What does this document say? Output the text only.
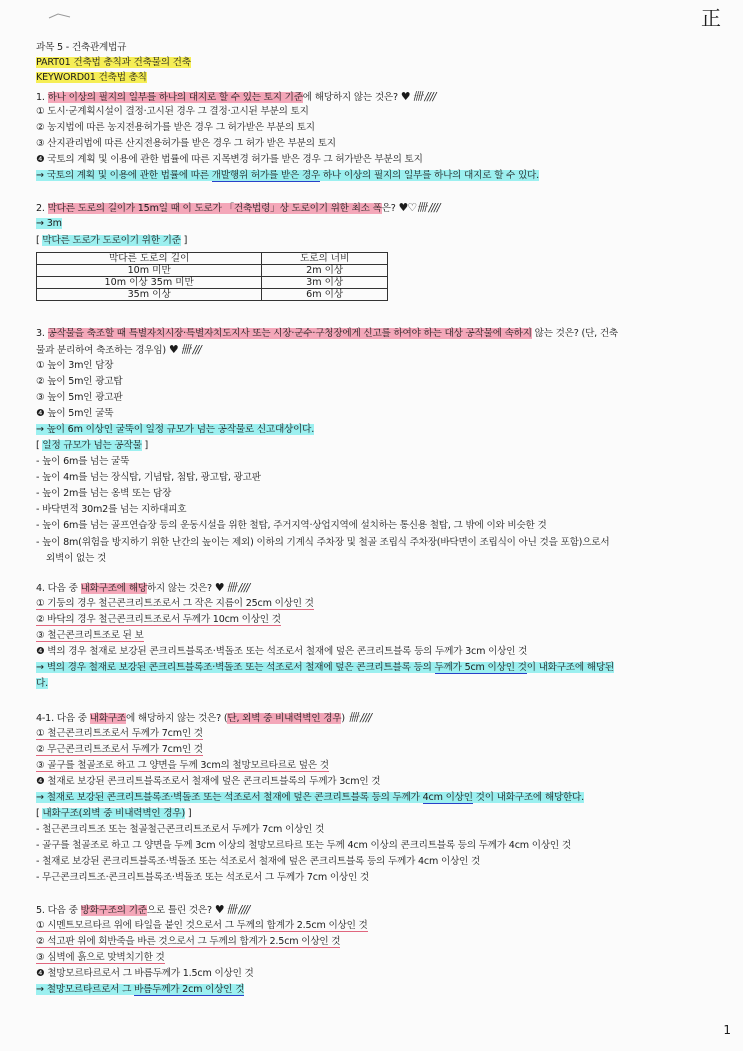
正
과목 5 - 건축관계법규
PART01 건축법 총칙과 건축물의 건축
KEYWORD01 건축법 총칙
1. 하나 이상의 필지의 일부를 하나의 대지로 할 수 있는 토지 기준에 해당하지 않는 것은? ♥ 卌 ////
① 도시·군계획시설이 결정·고시된 경우 그 결정·고시된 부분의 토지
② 농지법에 따른 농지전용허가를 받은 경우 그 허가받은 부분의 토지
③ 산지관리법에 따른 산지전용허가를 받은 경우 그 허가 받은 부분의 토지
❹ 국토의 계획 및 이용에 관한 법률에 따른 지목변경 허가를 받은 경우 그 허가받은 부분의 토지
→ 국토의 계획 및 이용에 관한 법률에 따른 개발행위 허가를 받은 경우 하나 이상의 필지의 일부를 하나의 대지로 할 수 있다.
2. 막다른 도로의 길이가 15m일 때 이 도로가 「건축법령」상 도로이기 위한 최소 폭은? ♥♡卌 ////
→ 3m
[ 막다른 도로가 도로이기 위한 기준 ]
막다른 도로의 길이	도로의 너비
10m 미만	2m 이상
10m 이상 35m 미만	3m 이상
35m 이상	6m 이상
3. 공작물을 축조할 때 특별자치시장·특별자치도지사 또는 시장·군수·구청장에게 신고를 하여야 하는 대상 공작물에 속하지 않는 것은? (단, 건축
물과 분리하여 축조하는 경우임) ♥ 卌 ///
① 높이 3m인 담장
② 높이 5m인 광고탑
③ 높이 5m인 광고판
❹ 높이 5m인 굴뚝
→ 높이 6m 이상인 굴뚝이 일정 규모가 넘는 공작물로 신고대상이다.
[ 일정 규모가 넘는 공작물 ]
- 높이 6m를 넘는 굴뚝
- 높이 4m를 넘는 장식탑, 기념탑, 첨탑, 광고탑, 광고판
- 높이 2m를 넘는 옹벽 또는 담장
- 바닥면적 30m2를 넘는 지하대피호
- 높이 6m를 넘는 골프연습장 등의 운동시설을 위한 철탑, 주거지역·상업지역에 설치하는 통신용 철탑, 그 밖에 이와 비슷한 것
- 높이 8m(위험을 방지하기 위한 난간의 높이는 제외) 이하의 기계식 주차장 및 철골 조립식 주차장(바닥면이 조립식이 아닌 것을 포함)으로서
외벽이 없는 것
4. 다음 중 내화구조에 해당하지 않는 것은? ♥ 卌 ////
① 기둥의 경우 철근콘크리트조로서 그 작은 지름이 25cm 이상인 것
② 바닥의 경우 철근콘크리트조로서 두께가 10cm 이상인 것
③ 철근콘크리트조로 된 보
❹ 벽의 경우 철재로 보강된 콘크리트블록조·벽돌조 또는 석조로서 철재에 덮은 콘크리트블록 등의 두께가 3cm 이상인 것
→ 벽의 경우 철재로 보강된 콘크리트블록조·벽돌조 또는 석조로서 철재에 덮은 콘크리트블록 등의 두께가 5cm 이상인 것이 내화구조에 해당된
다.
4-1. 다음 중 내화구조에 해당하지 않는 것은? (단, 외벽 중 비내력벽인 경우) 卌 ////
① 철근콘크리트조로서 두께가 7cm인 것
② 무근콘크리트조로서 두께가 7cm인 것
③ 골구를 철골조로 하고 그 양면을 두께 3cm의 철망모르타르로 덮은 것
❹ 철재로 보강된 콘크리트블록조로서 철재에 덮은 콘크리트블록의 두께가 3cm인 것
→ 철재로 보강된 콘크리트블록조·벽돌조 또는 석조로서 철재에 덮은 콘크리트블록 등의 두께가 4cm 이상인 것이 내화구조에 해당한다.
[ 내화구조(외벽 중 비내력벽인 경우) ]
- 철근콘크리트조 또는 철골철근콘크리트조로서 두께가 7cm 이상인 것
- 골구를 철골조로 하고 그 양면을 두께 3cm 이상의 철망모르타르 또는 두께 4cm 이상의 콘크리트블록 등의 두께가 4cm 이상인 것
- 철재로 보강된 콘크리트블록조·벽돌조 또는 석조로서 철재에 덮은 콘크리트블록 등의 두께가 4cm 이상인 것
- 무근콘크리트조·콘크리트블록조·벽돌조 또는 석조로서 그 두께가 7cm 이상인 것
5. 다음 중 방화구조의 기준으로 틀린 것은? ♥ 卌 ////
① 시멘트모르타르 위에 타일을 붙인 것으로서 그 두께의 합계가 2.5cm 이상인 것
② 석고판 위에 회반죽을 바른 것으로서 그 두께의 합계가 2.5cm 이상인 것
③ 심벽에 흙으로 맞벽치기한 것
❹ 철망모르타르로서 그 바름두께가 1.5cm 이상인 것
→ 철망모르타르로서 그 바름두께가 2cm 이상인 것
1
